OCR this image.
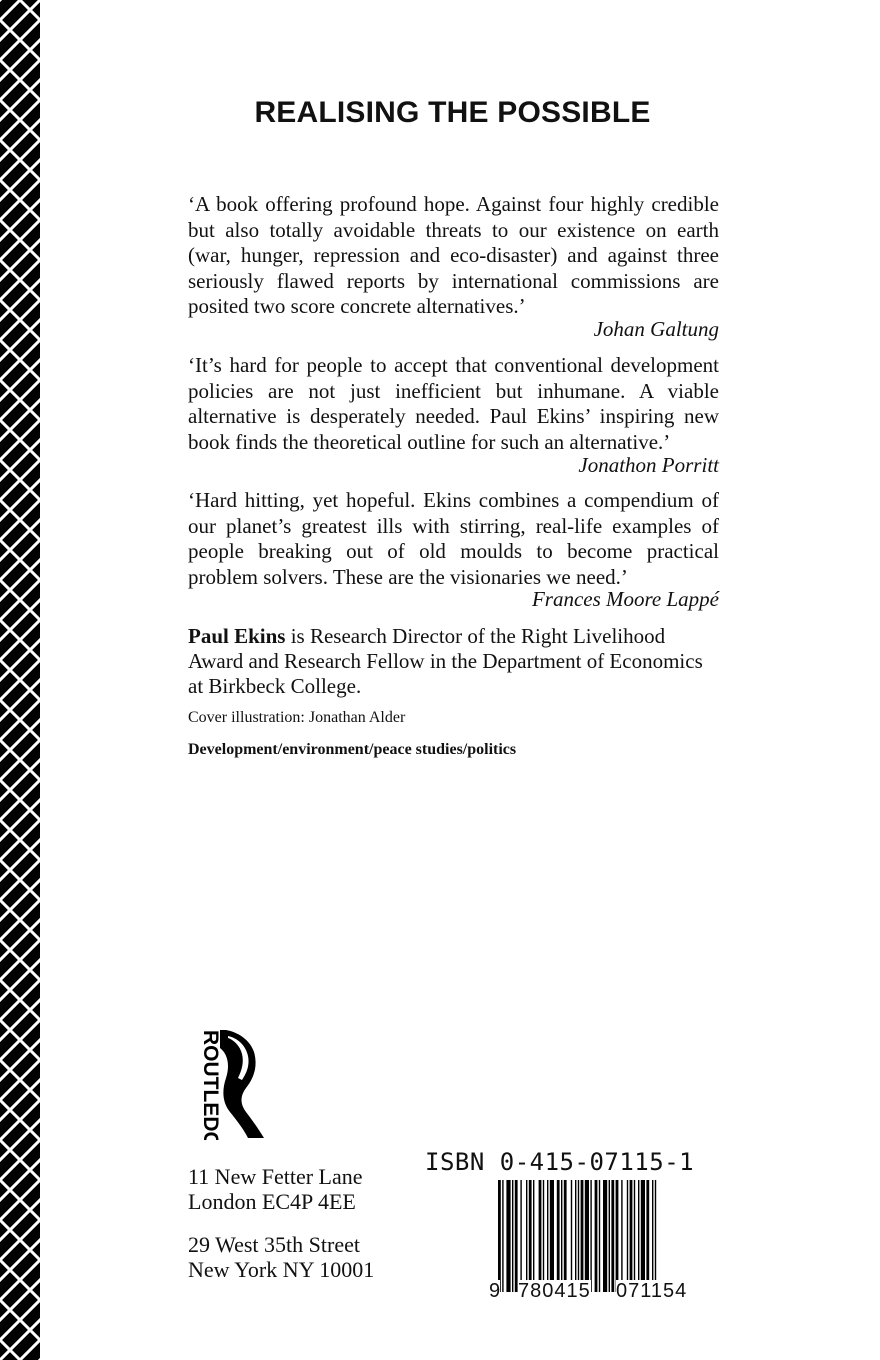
REALISING THE POSSIBLE

‘A book offering profound hope. Against four highly credible but also totally avoidable threats to our existence on earth (war, hunger, repression and eco-disaster) and against three seriously flawed reports by international commissions are posited two score concrete alternatives.’

Johan Galtung

‘It’s hard for people to accept that conventional development policies are not just inefficient but inhumane. A viable alternative is desperately needed. Paul Ekins’ inspiring new book finds the theoretical outline for such an alternative.’

Jonathon Porritt

‘Hard hitting, yet hopeful. Ekins combines a compendium of our planet’s greatest ills with stirring, real-life examples of people breaking out of old moulds to become practical problem solvers. These are the visionaries we need.’

Frances Moore Lappé
Paul Ekins is Research Director of the Right Livelihood Award and Research Fellow in the Department of Economics at Birkbeck College.
Cover illustration: Jonathan Alder
Development/environment/peace studies/politics
ROUTLEDGE
11 New Fetter Lane
London EC4P 4EE
29 West 35th Street
New York NY 10001
ISBN 0-415-07115-1
9 780415 071154
